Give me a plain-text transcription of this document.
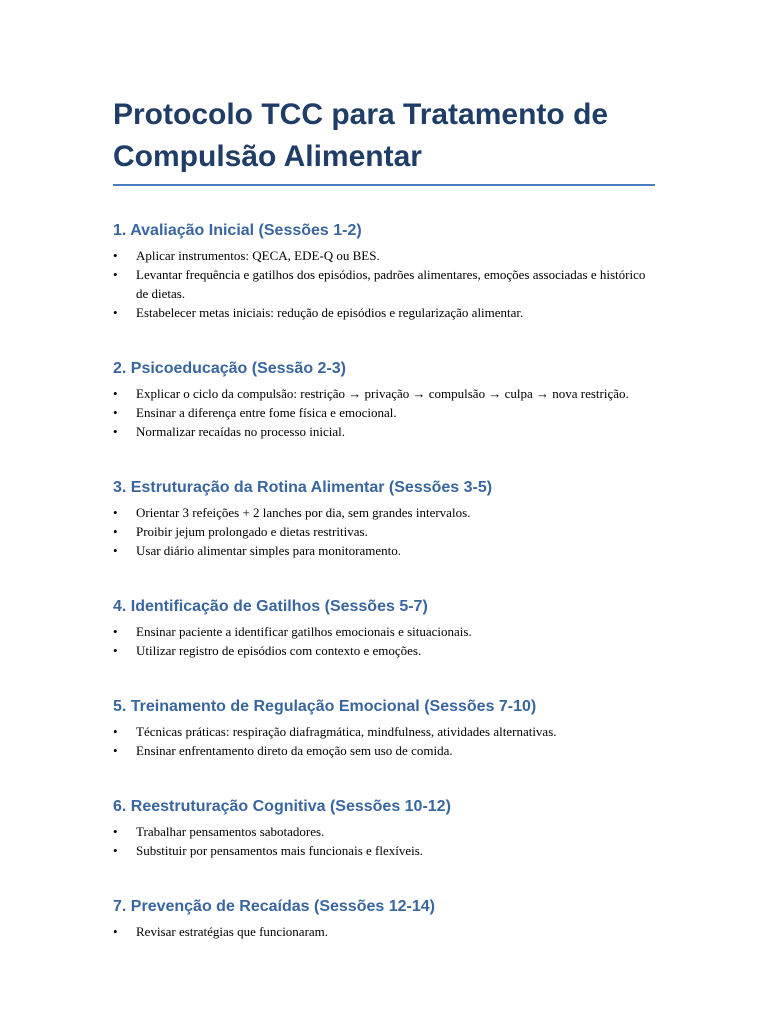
Protocolo TCC para Tratamento de Compulsão Alimentar
1. Avaliação Inicial (Sessões 1-2)
• Aplicar instrumentos: QECA, EDE-Q ou BES.
• Levantar frequência e gatilhos dos episódios, padrões alimentares, emoções associadas e histórico de dietas.
• Estabelecer metas iniciais: redução de episódios e regularização alimentar.
2. Psicoeducação (Sessão 2-3)
• Explicar o ciclo da compulsão: restrição → privação → compulsão → culpa → nova restrição.
• Ensinar a diferença entre fome física e emocional.
• Normalizar recaídas no processo inicial.
3. Estruturação da Rotina Alimentar (Sessões 3-5)
• Orientar 3 refeições + 2 lanches por dia, sem grandes intervalos.
• Proibir jejum prolongado e dietas restritivas.
• Usar diário alimentar simples para monitoramento.
4. Identificação de Gatilhos (Sessões 5-7)
• Ensinar paciente a identificar gatilhos emocionais e situacionais.
• Utilizar registro de episódios com contexto e emoções.
5. Treinamento de Regulação Emocional (Sessões 7-10)
• Técnicas práticas: respiração diafragmática, mindfulness, atividades alternativas.
• Ensinar enfrentamento direto da emoção sem uso de comida.
6. Reestruturação Cognitiva (Sessões 10-12)
• Trabalhar pensamentos sabotadores.
• Substituir por pensamentos mais funcionais e flexíveis.
7. Prevenção de Recaídas (Sessões 12-14)
• Revisar estratégias que funcionaram.
